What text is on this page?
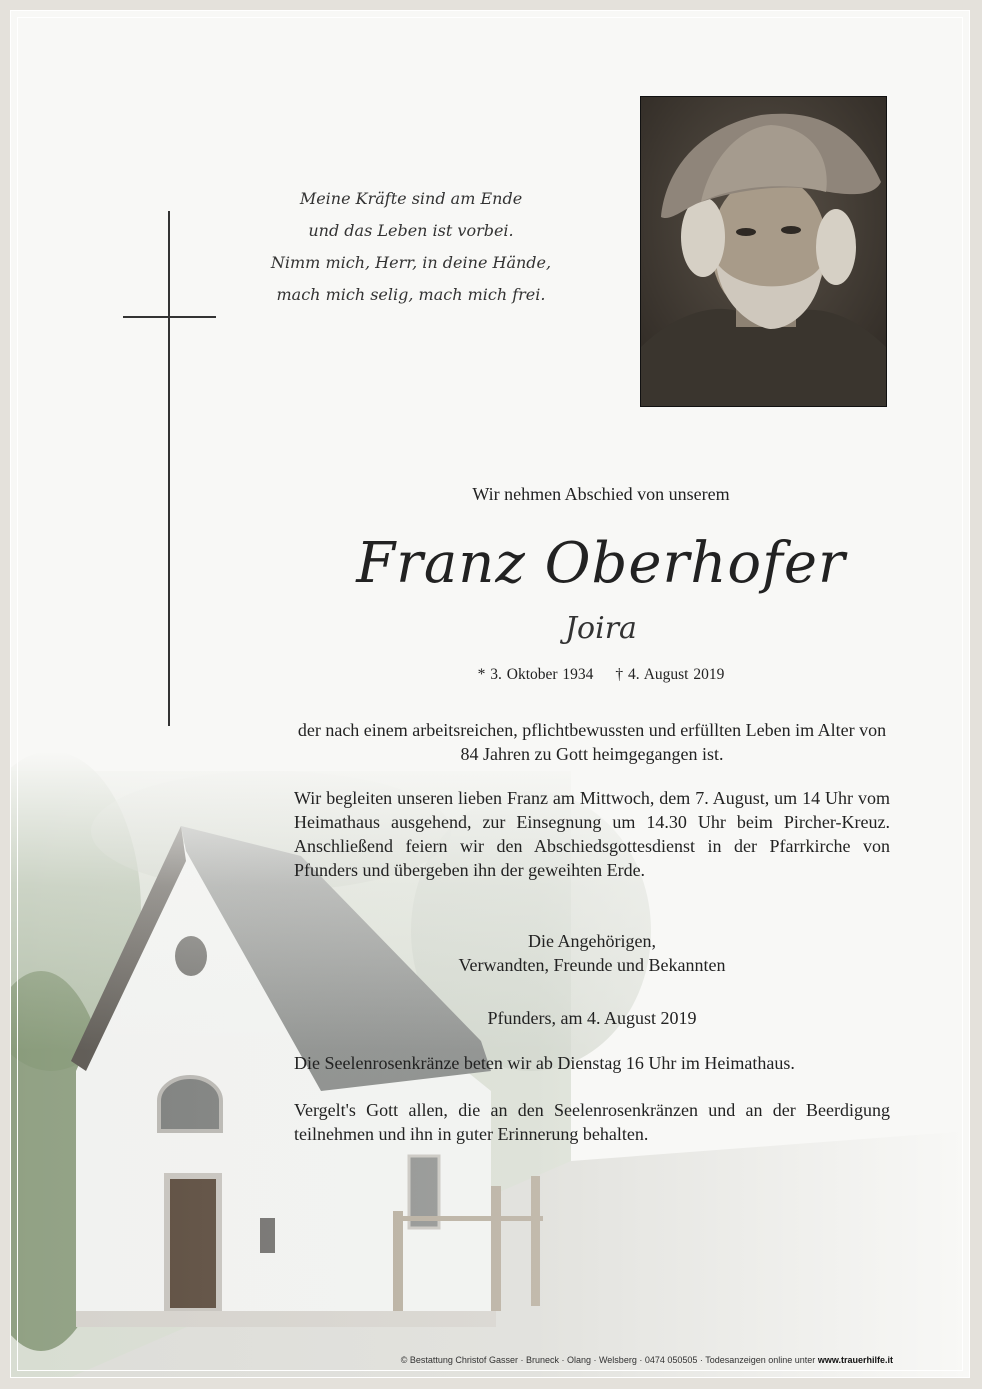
Meine Kräfte sind am Ende
und das Leben ist vorbei.
Nimm mich, Herr, in deine Hände,
mach mich selig, mach mich frei.
Wir nehmen Abschied von unserem
Franz Oberhofer
Joira
* 3. Oktober 1934 † 4. August 2019
der nach einem arbeitsreichen, pflichtbewussten und erfüllten Leben im Alter von 84 Jahren zu Gott heimgegangen ist.
Wir begleiten unseren lieben Franz am Mittwoch, dem 7. August, um 14 Uhr vom Heimathaus ausgehend, zur Einsegnung um 14.30 Uhr beim Pircher-Kreuz. Anschließend feiern wir den Abschiedsgottesdienst in der Pfarrkirche von Pfunders und übergeben ihn der geweihten Erde.
Die Angehörigen,
Verwandten, Freunde und Bekannten
Pfunders, am 4. August 2019
Die Seelenrosenkränze beten wir ab Dienstag 16 Uhr im Heimathaus.
Vergelt's Gott allen, die an den Seelenrosenkränzen und an der Beerdigung teilnehmen und ihn in guter Erinnerung behalten.
© Bestattung Christof Gasser · Bruneck · Olang · Welsberg · 0474 050505 · Todesanzeigen online unter www.trauerhilfe.it
